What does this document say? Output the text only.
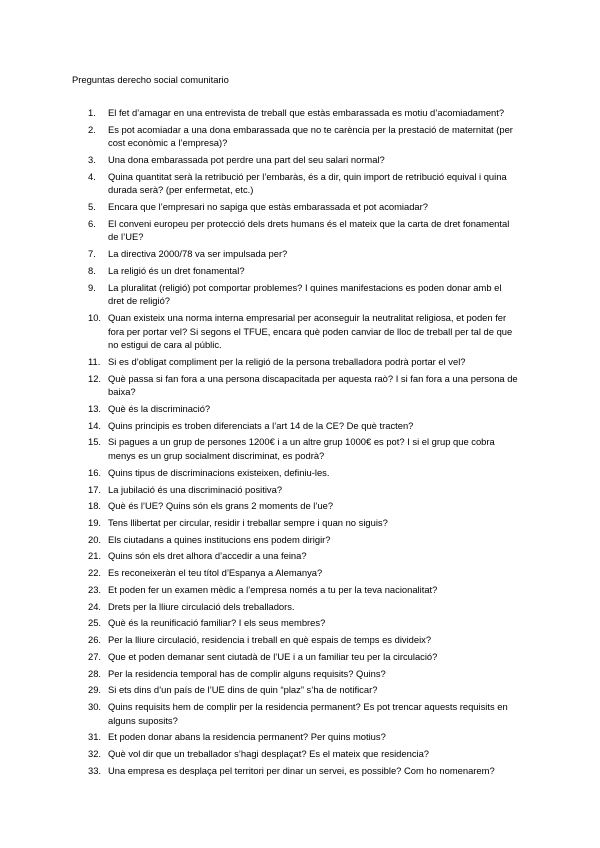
Preguntas derecho social comunitario
1.	El fet d’amagar en una entrevista de treball que estàs embarassada es motiu d’acomiadament?
2.	Es pot acomiadar a una dona embarassada que no te carència per la prestació de maternitat (per cost econòmic a l’empresa)?
3.	Una dona embarassada pot perdre una part del seu salari normal?
4.	Quina quantitat serà la retribució per l’embaràs, és a dir, quin import de retribució equival i quina durada serà? (per enfermetat, etc.)
5.	Encara que l’empresari no sapiga que estàs embarassada et pot acomiadar?
6.	El conveni europeu per protecció dels drets humans és el mateix que la carta de dret fonamental de l’UE?
7.	La directiva 2000/78 va ser impulsada per?
8.	La religió és un dret fonamental?
9.	La pluralitat (religió) pot comportar problemes? I quines manifestacions es poden donar amb el dret de religió?
10. Quan existeix una norma interna empresarial per aconseguir la neutralitat religiosa, et poden fer fora per portar vel? Si segons el TFUE, encara què poden canviar de lloc de treball per tal de que no estigui de cara al públic.
11. Si es d’obligat compliment per la religió de la persona treballadora podrà portar el vel?
12. Què passa si fan fora a una persona discapacitada per aquesta raò? I si fan fora a una persona de baixa?
13. Què és la discriminació?
14. Quins principis es troben diferenciats a l’art 14 de la CE? De què tracten?
15. Si pagues a un grup de persones 1200€ i a un altre grup 1000€ es pot? I si el grup que cobra menys es un grup socialment discriminat, es podrà?
16. Quins tipus de discriminacions existeixen, definiu-les.
17. La jubilació és una discriminació positiva?
18. Què és l’UE? Quins són els grans 2 moments de l’ue?
19. Tens llibertat per circular, residir i treballar sempre i quan no siguis?
20. Els ciutadans a quines institucions ens podem dirigir?
21. Quins són els dret alhora d’accedir a una feina?
22. Es reconeixeràn el teu títol d’Espanya a Alemanya?
23. Et poden fer un examen mèdic a l’empresa només a tu per la teva nacionalitat?
24. Drets per la lliure circulació dels treballadors.
25. Què és la reunificació familiar? I els seus membres?
26. Per la lliure circulació, residencia i treball en què espais de temps es divideix?
27. Que et poden demanar sent ciutadà de l’UE i a un familiar teu per la circulació?
28. Per la residencia temporal has de complir alguns requisits? Quins?
29. Si ets dins d’un país de l’UE dins de quin “plaz” s’ha de notificar?
30. Quins requisits hem de complir per la residencia permanent? Es pot trencar aquests requisits en alguns suposits?
31. Et poden donar abans la residencia permanent? Per quins motius?
32. Què vol dir que un treballador s’hagi desplaçat? Es el mateix que residencia?
33. Una empresa es desplaça pel territori per dinar un servei, es possible? Com ho nomenarem?
